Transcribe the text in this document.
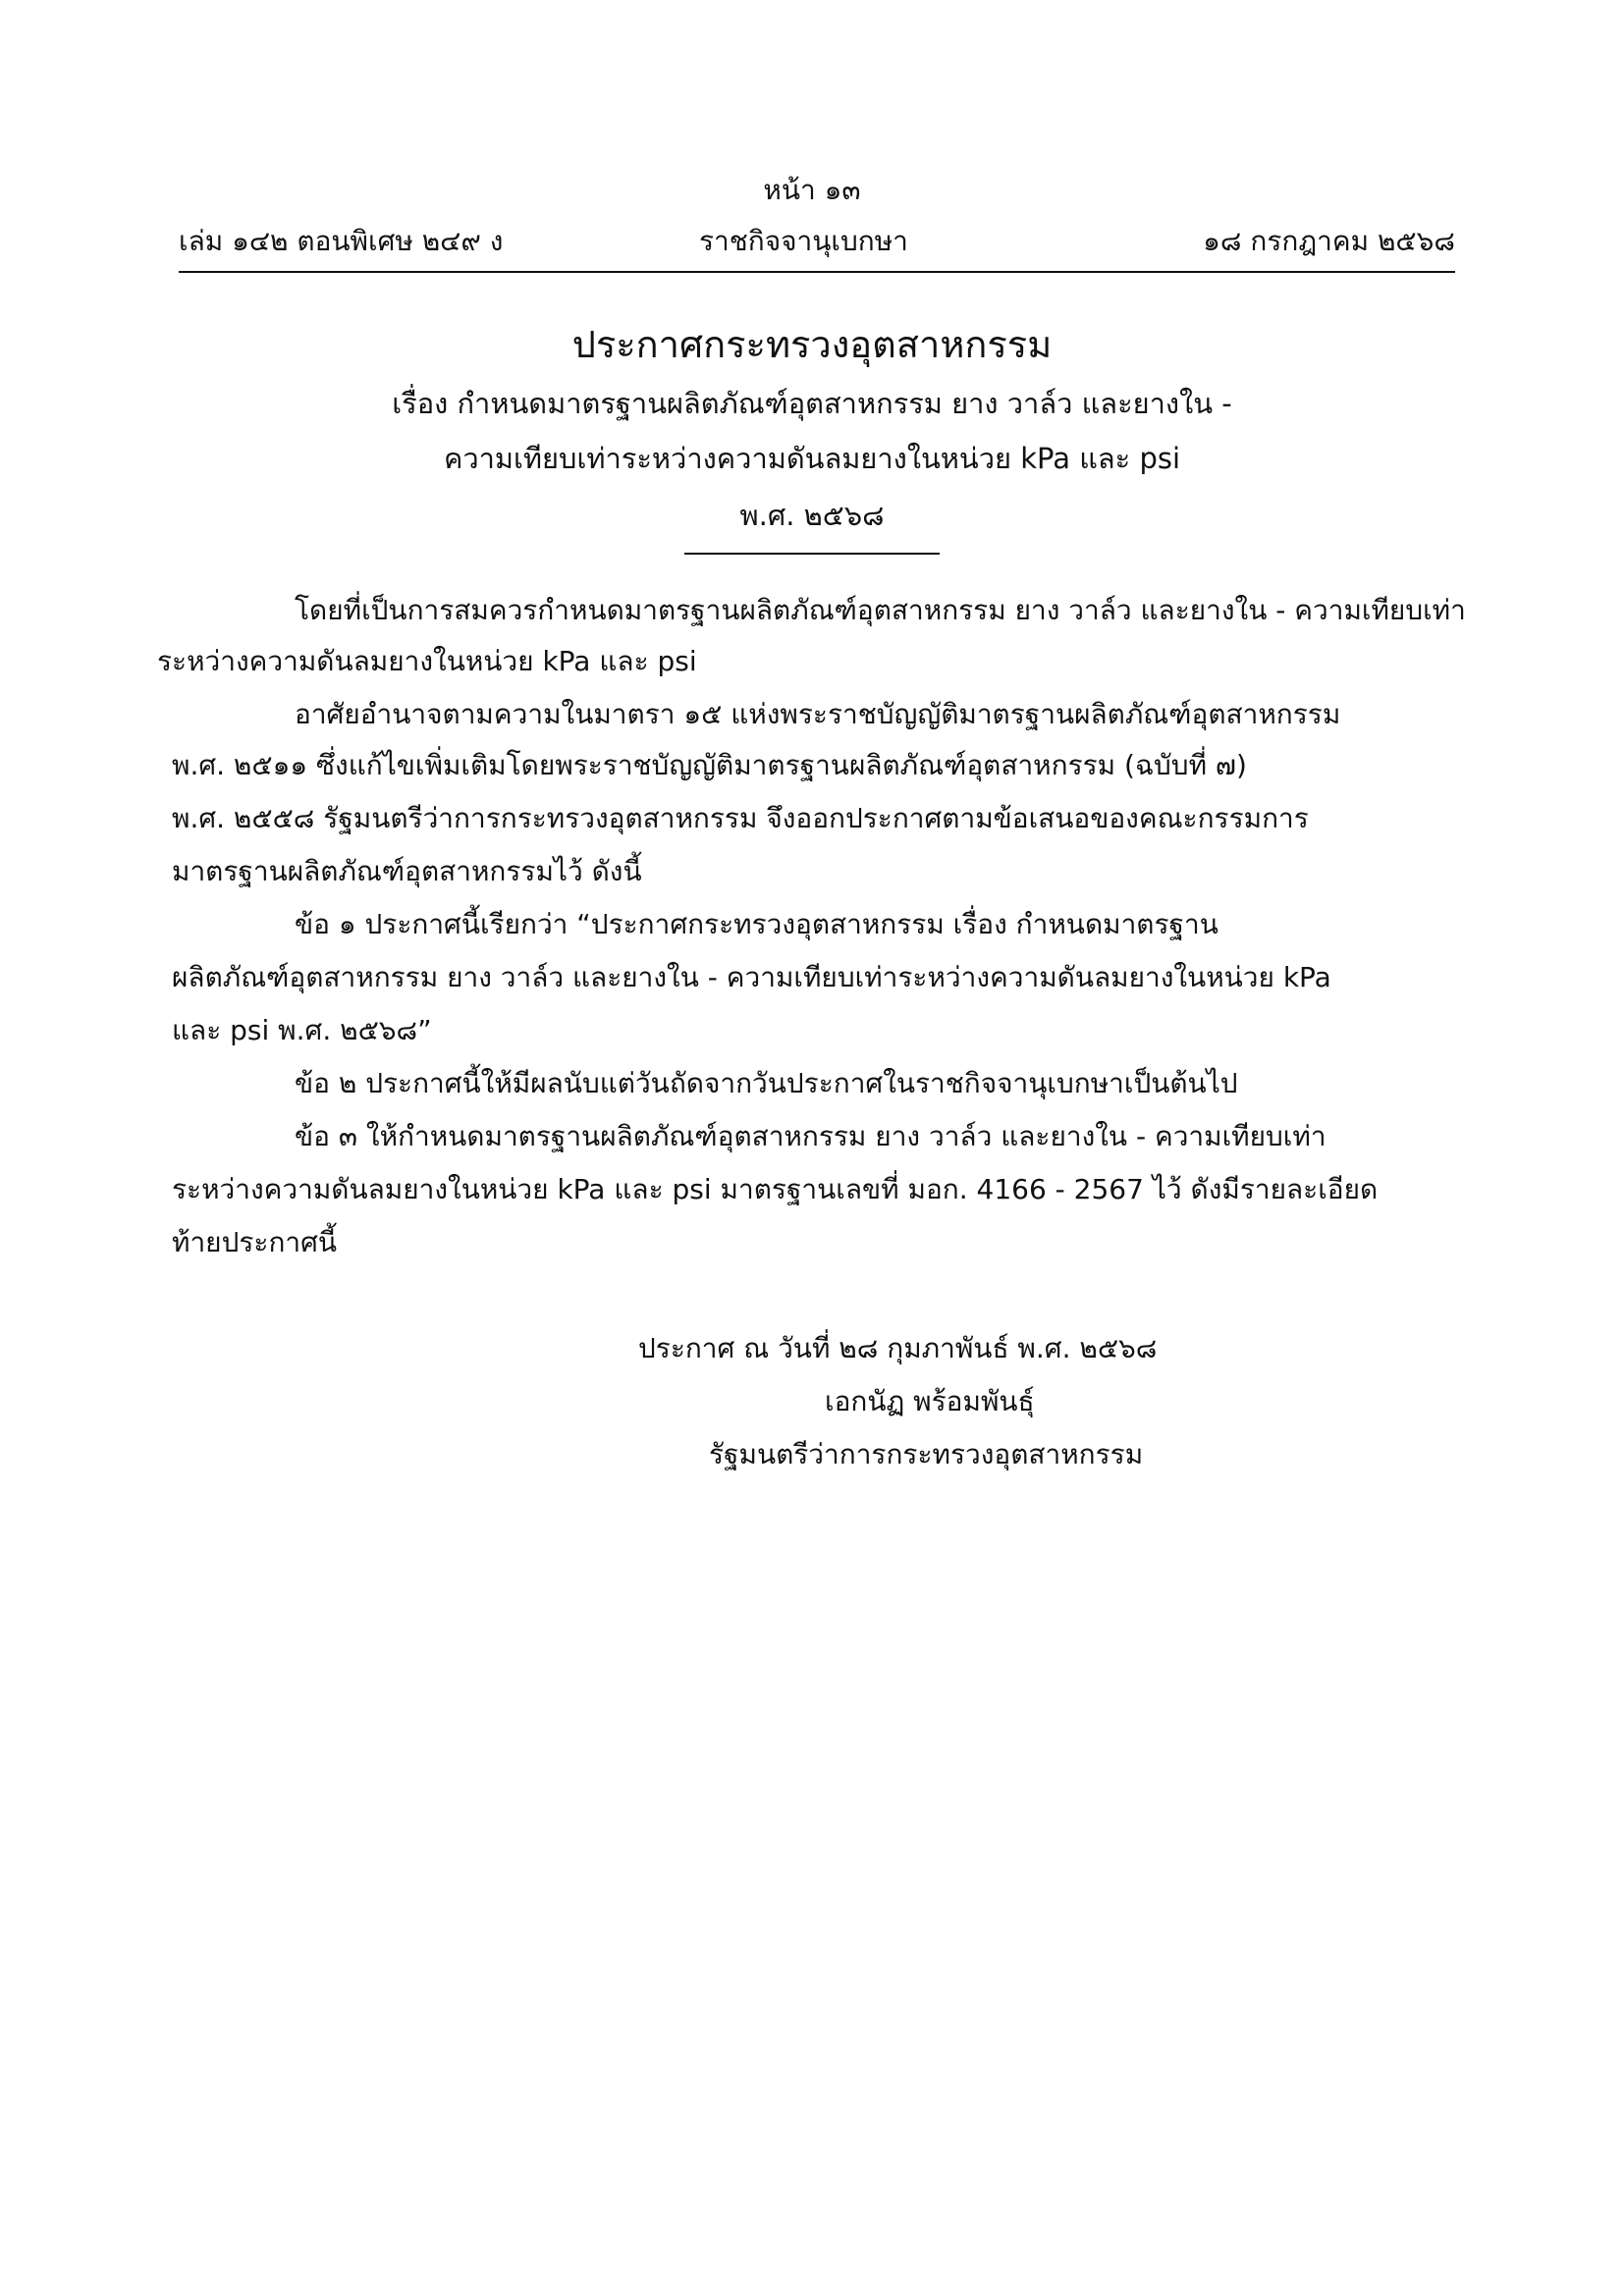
หน้า ๑๓
เล่ม ๑๔๒ ตอนพิเศษ ๒๔๙ ง	ราชกิจจานุเบกษา	๑๘ กรกฎาคม ๒๕๖๘
ประกาศกระทรวงอุตสาหกรรม
เรื่อง กำหนดมาตรฐานผลิตภัณฑ์อุตสาหกรรม ยาง วาล์ว และยางใน -
ความเทียบเท่าระหว่างความดันลมยางในหน่วย kPa และ psi
พ.ศ. ๒๕๖๘
โดยที่เป็นการสมควรกำหนดมาตรฐานผลิตภัณฑ์อุตสาหกรรม ยาง วาล์ว และยางใน - ความเทียบเท่า
ระหว่างความดันลมยางในหน่วย kPa และ psi
อาศัยอำนาจตามความในมาตรา ๑๕ แห่งพระราชบัญญัติมาตรฐานผลิตภัณฑ์อุตสาหกรรม
พ.ศ. ๒๕๑๑ ซึ่งแก้ไขเพิ่มเติมโดยพระราชบัญญัติมาตรฐานผลิตภัณฑ์อุตสาหกรรม (ฉบับที่ ๗)
พ.ศ. ๒๕๕๘ รัฐมนตรีว่าการกระทรวงอุตสาหกรรม จึงออกประกาศตามข้อเสนอของคณะกรรมการ
มาตรฐานผลิตภัณฑ์อุตสาหกรรมไว้ ดังนี้
ข้อ ๑ ประกาศนี้เรียกว่า “ประกาศกระทรวงอุตสาหกรรม เรื่อง กำหนดมาตรฐาน
ผลิตภัณฑ์อุตสาหกรรม ยาง วาล์ว และยางใน - ความเทียบเท่าระหว่างความดันลมยางในหน่วย kPa
และ psi พ.ศ. ๒๕๖๘”
ข้อ ๒ ประกาศนี้ให้มีผลนับแต่วันถัดจากวันประกาศในราชกิจจานุเบกษาเป็นต้นไป
ข้อ ๓ ให้กำหนดมาตรฐานผลิตภัณฑ์อุตสาหกรรม ยาง วาล์ว และยางใน - ความเทียบเท่า
ระหว่างความดันลมยางในหน่วย kPa และ psi มาตรฐานเลขที่ มอก. 4166 - 2567 ไว้ ดังมีรายละเอียด
ท้ายประกาศนี้
ประกาศ ณ วันที่ ๒๘ กุมภาพันธ์ พ.ศ. ๒๕๖๘
เอกนัฏ พร้อมพันธุ์
รัฐมนตรีว่าการกระทรวงอุตสาหกรรม
